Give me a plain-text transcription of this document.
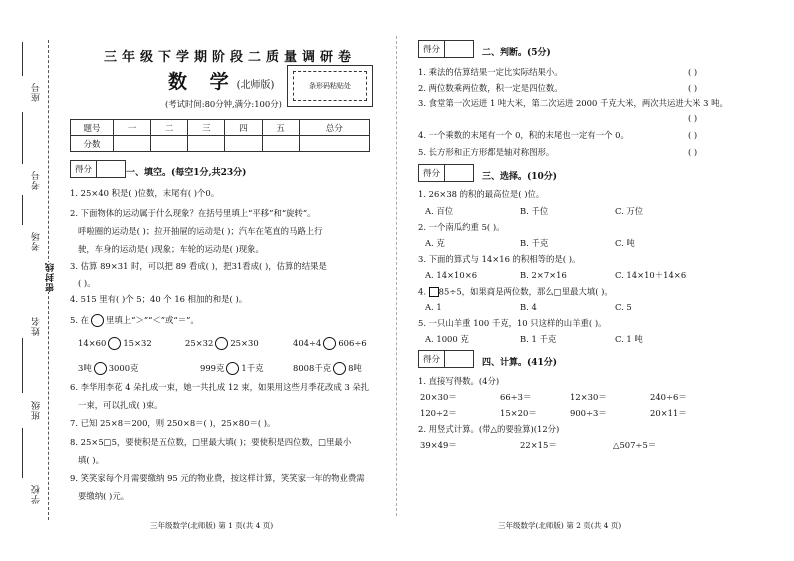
座号
考号
考场
密封线
姓名
班级
学校
三年级下学期阶段二质量调研卷
数 学(北师版)
(考试时间:80分钟,满分:100分)
条形码粘贴处
题号	一	二	三	四	五	总分
分数						
得分	一、填空。(每空1分,共23分)
1. 25×40 积是( )位数，末尾有( )个0。
2. 下面物体的运动属于什么现象？在括号里填上“平移”和“旋转”。
呼啦圈的运动是( )；拉开抽屉的运动是( )；汽车在笔直的马路上行
驶，车身的运动是( )现象；车轮的运动是( )现象。
3. 估算 89×31 时，可以把 89 看成( )，把31看成( )，估算的结果是
( )。
4. 515 里有( )个 5；40 个 16 相加的和是( )。
5. 在 里填上“＞”“＜”或“＝”。
14×60 15×32	25×32 25×30	404÷4 606÷6
3吨 3000克	999克 1千克	8008千克 8吨
6. 李华用李花 4 朵扎成一束，她一共扎成 12 束，如果用这些月季花改成 3 朵扎
一束，可以扎成( )束。
7. 已知 25×8＝200，则 250×8＝( )，25×80＝( )。
8. 25×5□5，要使积是五位数，□里最大填( )；要使积是四位数，□里最小
填( )。
9. 笑笑家每个月需要缴纳 95 元的物业费，按这样计算，笑笑家一年的物业费需
要缴纳( )元。
三年级数学(北师版) 第 1 页(共 4 页)
得分	二、判断。(5分)
1. 乘法的估算结果一定比实际结果小。	( )
2. 两位数乘两位数，积一定是四位数。	( )
3. 食堂第一次运进 1 吨大米，第二次运进 2000 千克大米，两次共运进大米 3 吨。
( )
4. 一个乘数的末尾有一个 0，积的末尾也一定有一个 0。	( )
5. 长方形和正方形都是轴对称图形。	( )
得分	三、选择。(10分)
1. 26×38 的积的最高位是( )位。
A. 百位	B. 千位	C. 万位
2. 一个南瓜约重 5( )。
A. 克	B. 千克	C. 吨
3. 下面的算式与 14×16 的积相等的是( )。
A. 14×10×6	B. 2×7×16	C. 14×10＋14×6
4. 85÷5，如果商是两位数，那么□里最大填( )。
A. 1	B. 4	C. 5
5. 一只山羊重 100 千克，10 只这样的山羊重( )。
A. 1000 克	B. 1 千克	C. 1 吨
得分	四、计算。(41分)
1. 直接写得数。(4分)
20×30＝	66÷3＝	12×30＝	240÷6＝
120÷2＝	15×20＝	900÷3＝	20×11＝
2. 用竖式计算。(带△的要验算)(12分)
39×49＝	22×15＝	△507÷5＝
三年级数学(北师版) 第 2 页(共 4 页)
